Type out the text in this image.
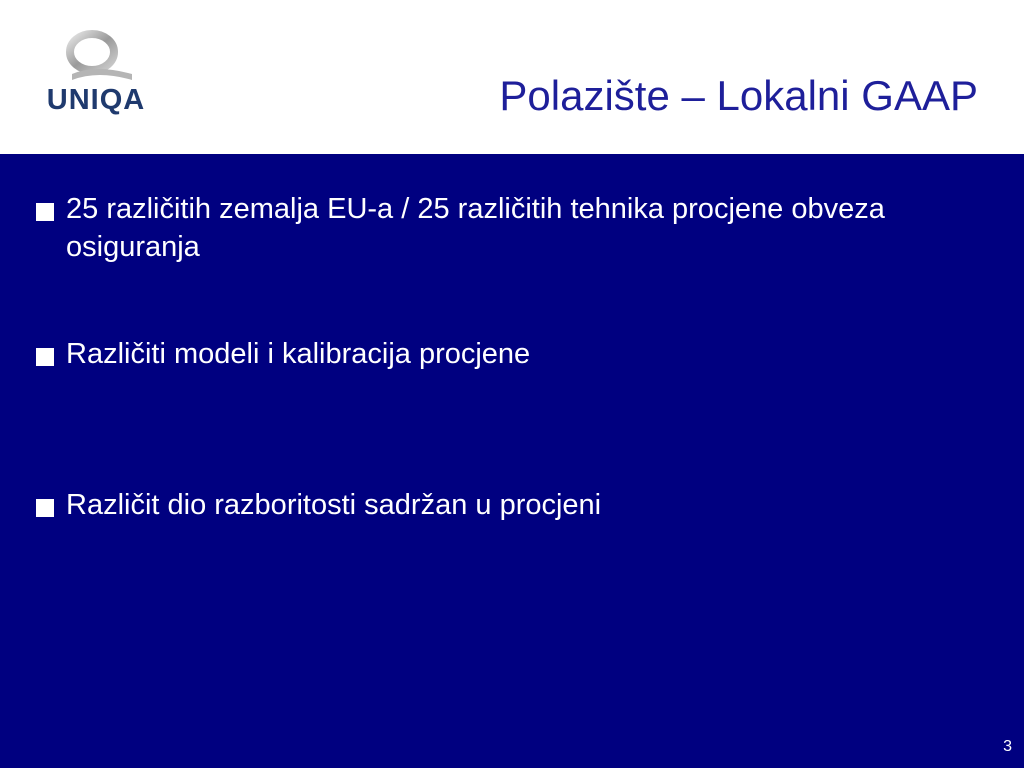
UNIQA	Polazište – Lokalni GAAP
25 različitih zemalja EU-a / 25 različitih tehnika procjene obveza osiguranja
Različiti modeli i kalibracija procjene
Različit dio razboritosti sadržan u procjeni
3
